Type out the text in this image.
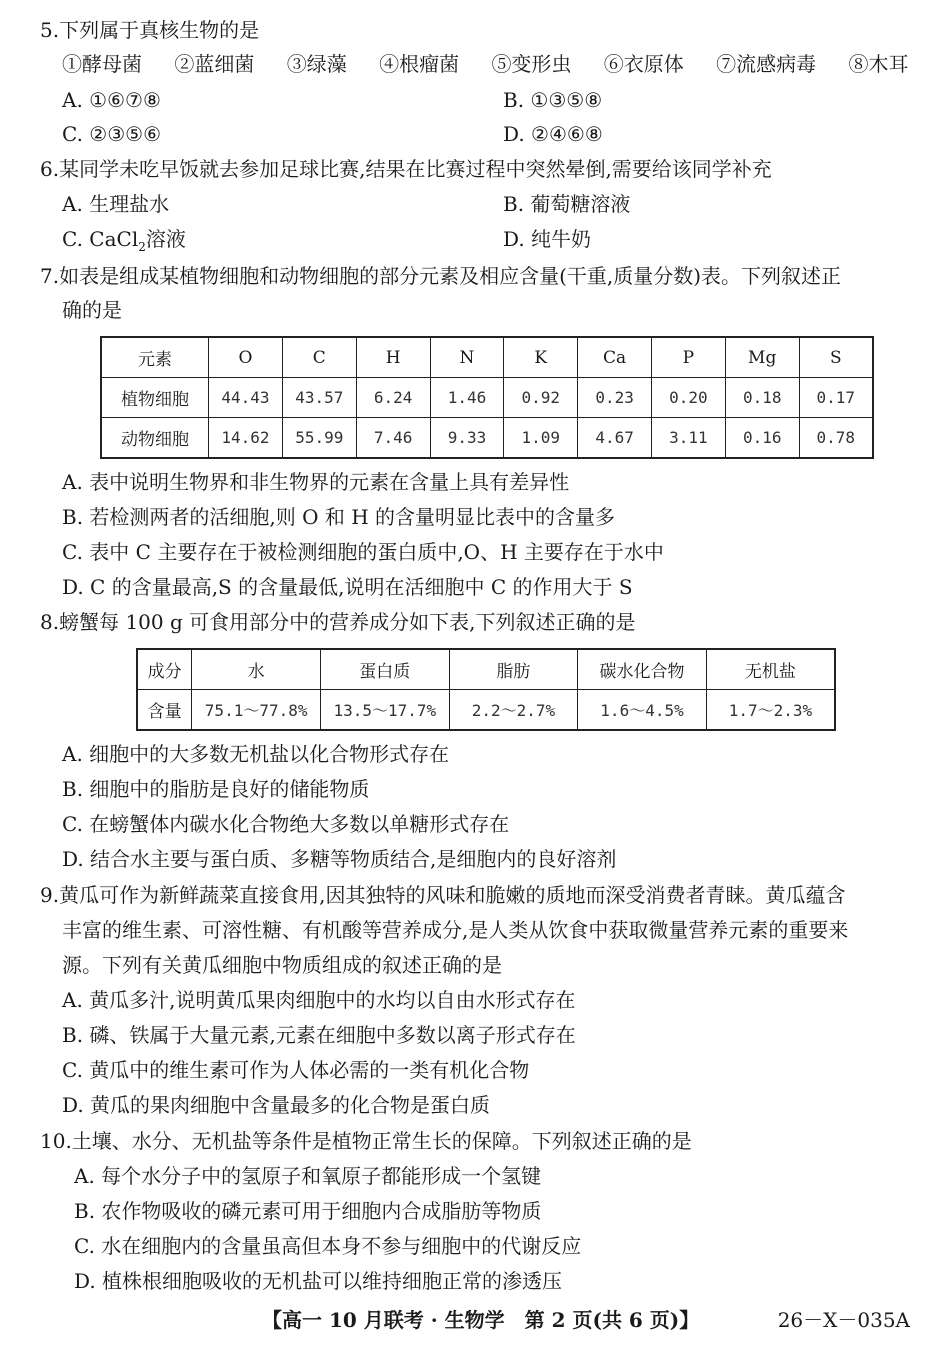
5.下列属于真核生物的是
①酵母菌 ②蓝细菌 ③绿藻 ④根瘤菌 ⑤变形虫 ⑥衣原体 ⑦流感病毒 ⑧木耳
A. ①⑥⑦⑧	B. ①③⑤⑧
C. ②③⑤⑥	D. ②④⑥⑧
6.某同学未吃早饭就去参加足球比赛,结果在比赛过程中突然晕倒,需要给该同学补充
A. 生理盐水	B. 葡萄糖溶液
C. CaCl$_2$溶液	D. 纯牛奶
7.如表是组成某植物细胞和动物细胞的部分元素及相应含量(干重,质量分数)表。下列叙述正
确的是
元素	O	C	H	N	K	Ca	P	Mg	S
植物细胞	44.43	43.57	6.24	1.46	0.92	0.23	0.20	0.18	0.17
动物细胞	14.62	55.99	7.46	9.33	1.09	4.67	3.11	0.16	0.78
A. 表中说明生物界和非生物界的元素在含量上具有差异性
B. 若检测两者的活细胞,则 O 和 H 的含量明显比表中的含量多
C. 表中 C 主要存在于被检测细胞的蛋白质中,O、H 主要存在于水中
D. C 的含量最高,S 的含量最低,说明在活细胞中 C 的作用大于 S
8.螃蟹每 100 g 可食用部分中的营养成分如下表,下列叙述正确的是
成分	水	蛋白质	脂肪	碳水化合物	无机盐
含量	75.1～77.8%	13.5～17.7%	2.2～2.7%	1.6～4.5%	1.7～2.3%
A. 细胞中的大多数无机盐以化合物形式存在
B. 细胞中的脂肪是良好的储能物质
C. 在螃蟹体内碳水化合物绝大多数以单糖形式存在
D. 结合水主要与蛋白质、多糖等物质结合,是细胞内的良好溶剂
9.黄瓜可作为新鲜蔬菜直接食用,因其独特的风味和脆嫩的质地而深受消费者青睐。黄瓜蕴含
丰富的维生素、可溶性糖、有机酸等营养成分,是人类从饮食中获取微量营养元素的重要来
源。下列有关黄瓜细胞中物质组成的叙述正确的是
A. 黄瓜多汁,说明黄瓜果肉细胞中的水均以自由水形式存在
B. 磷、铁属于大量元素,元素在细胞中多数以离子形式存在
C. 黄瓜中的维生素可作为人体必需的一类有机化合物
D. 黄瓜的果肉细胞中含量最多的化合物是蛋白质
10.土壤、水分、无机盐等条件是植物正常生长的保障。下列叙述正确的是
A. 每个水分子中的氢原子和氧原子都能形成一个氢键
B. 农作物吸收的磷元素可用于细胞内合成脂肪等物质
C. 水在细胞内的含量虽高但本身不参与细胞中的代谢反应
D. 植株根细胞吸收的无机盐可以维持细胞正常的渗透压
【高一 10 月联考 · 生物学　第 2 页(共 6 页)】	26－X－035A
